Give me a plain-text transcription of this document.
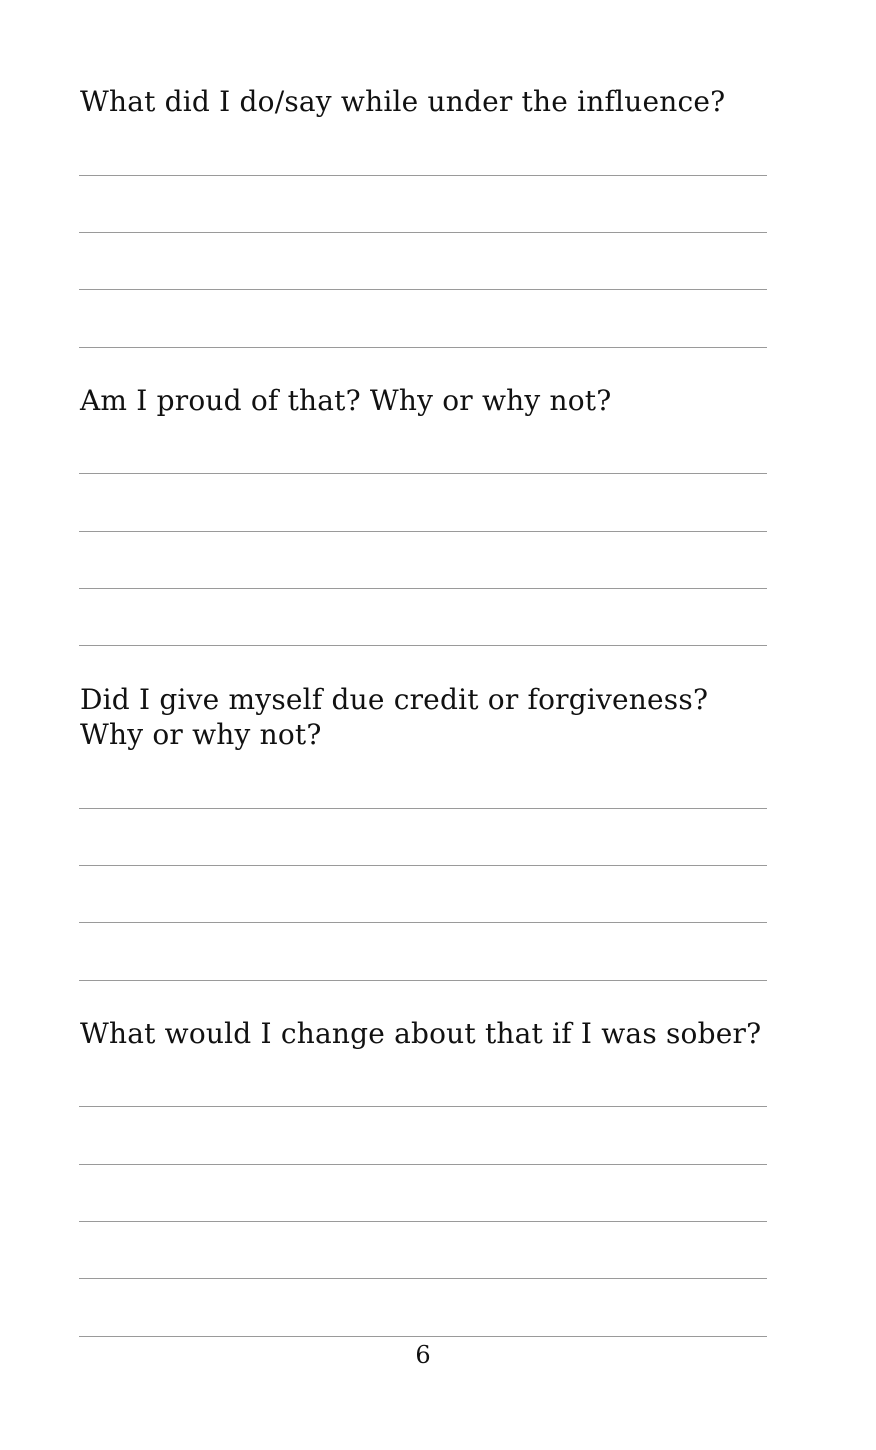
What did I do/say while under the influence?

Am I proud of that? Why or why not?

Did I give myself due credit or forgiveness?
Why or why not?

What would I change about that if I was sober?

6
